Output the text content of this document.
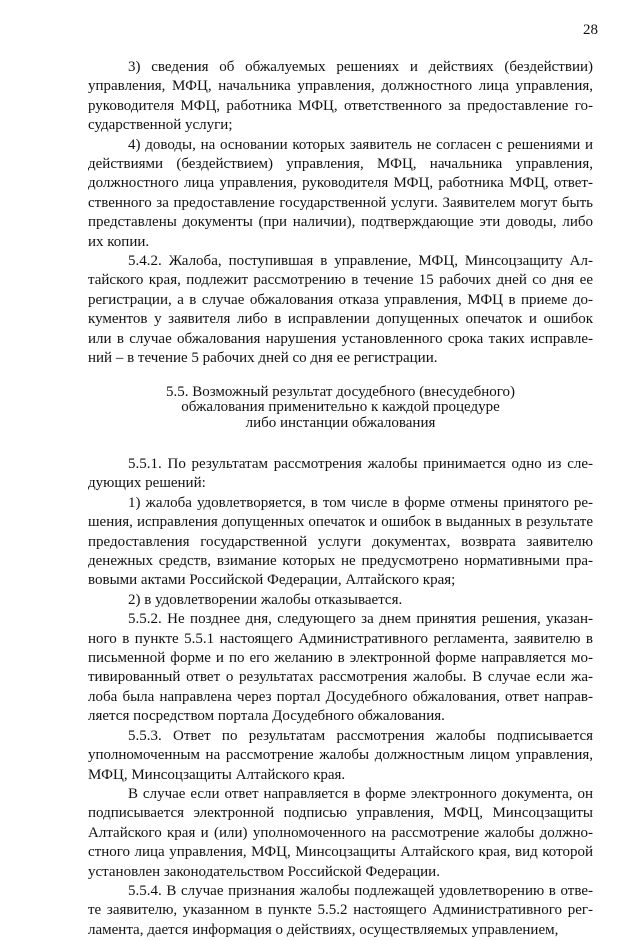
28

3) сведения об обжалуемых решениях и действиях (бездействии) управления, МФЦ, начальника управления, должностного лица управления, руководителя МФЦ, работника МФЦ, ответственного за предоставление государственной услуги;

4) доводы, на основании которых заявитель не согласен с решениями и действиями (бездействием) управления, МФЦ, начальника управления, должностного лица управления, руководителя МФЦ, работника МФЦ, ответственного за предоставление государственной услуги. Заявителем могут быть представлены документы (при наличии), подтверждающие эти доводы, либо их копии.

5.4.2. Жалоба, поступившая в управление, МФЦ, Минсоцзащиту Алтайского края, подлежит рассмотрению в течение 15 рабочих дней со дня ее регистрации, а в случае обжалования отказа управления, МФЦ в приеме документов у заявителя либо в исправлении допущенных опечаток и ошибок или в случае обжалования нарушения установленного срока таких исправлений – в течение 5 рабочих дней со дня ее регистрации.

5.5. Возможный результат досудебного (внесудебного)
обжалования применительно к каждой процедуре
либо инстанции обжалования

5.5.1. По результатам рассмотрения жалобы принимается одно из следующих решений:

1) жалоба удовлетворяется, в том числе в форме отмены принятого решения, исправления допущенных опечаток и ошибок в выданных в результате предоставления государственной услуги документах, возврата заявителю денежных средств, взимание которых не предусмотрено нормативными правовыми актами Российской Федерации, Алтайского края;

2) в удовлетворении жалобы отказывается.

5.5.2. Не позднее дня, следующего за днем принятия решения, указанного в пункте 5.5.1 настоящего Административного регламента, заявителю в письменной форме и по его желанию в электронной форме направляется мотивированный ответ о результатах рассмотрения жалобы. В случае если жалоба была направлена через портал Досудебного обжалования, ответ направляется посредством портала Досудебного обжалования.

5.5.3. Ответ по результатам рассмотрения жалобы подписывается уполномоченным на рассмотрение жалобы должностным лицом управления, МФЦ, Минсоцзащиты Алтайского края.

В случае если ответ направляется в форме электронного документа, он подписывается электронной подписью управления, МФЦ, Минсоцзащиты Алтайского края и (или) уполномоченного на рассмотрение жалобы должностного лица управления, МФЦ, Минсоцзащиты Алтайского края, вид которой установлен законодательством Российской Федерации.

5.5.4. В случае признания жалобы подлежащей удовлетворению в ответе заявителю, указанном в пункте 5.5.2 настоящего Административного регламента, дается информация о действиях, осуществляемых управлением,
